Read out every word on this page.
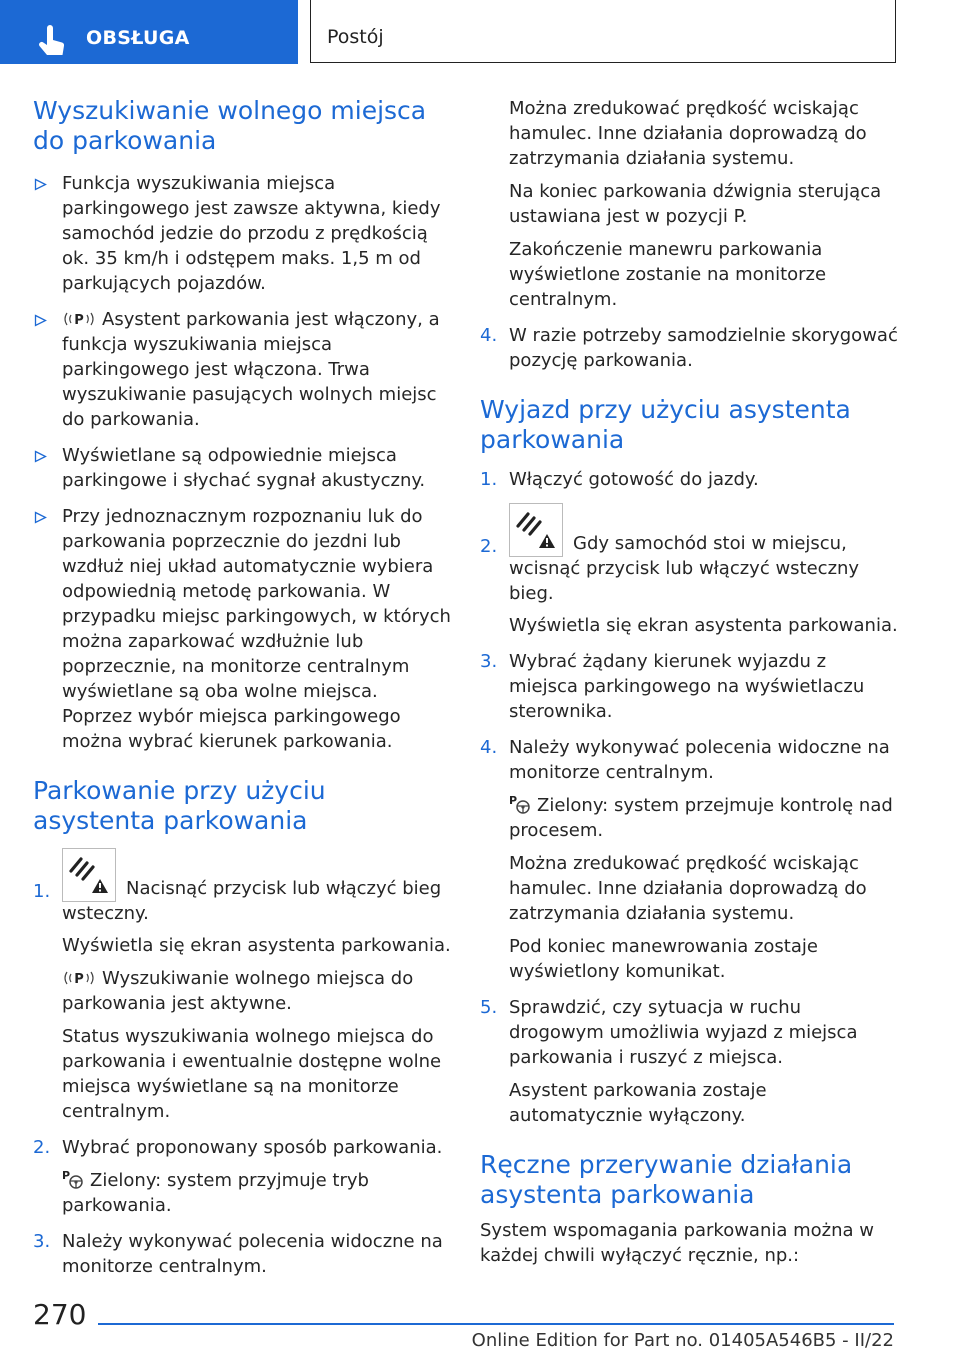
OBSŁUGA	Postój
Wyszukiwanie wolnego miejsca do parkowania
Funkcja wyszukiwania miejsca parkingowego jest zawsze aktywna, kiedy samochód jedzie do przodu z prędkością ok. 35 km/h i odstępem maks. 1,5 m od parkujących pojazdów.
P Asystent parkowania jest włączony, a funkcja wyszukiwania miejsca parkingowego jest włączona. Trwa wyszukiwanie pasujących wolnych miejsc do parkowania.
Wyświetlane są odpowiednie miejsca parkingowe i słychać sygnał akustyczny.
Przy jednoznacznym rozpoznaniu luk do parkowania poprzecznie do jezdni lub wzdłuż niej układ automatycznie wybiera odpowiednią metodę parkowania. W przypadku miejsc parkingowych, w których można zaparkować wzdłużnie lub poprzecznie, na monitorze centralnym wyświetlane są oba wolne miejsca. Poprzez wybór miejsca parkingowego można wybrać kierunek parkowania.
Parkowanie przy użyciu asystenta parkowania
1.	Nacisnąć przycisk lub włączyć bieg wsteczny.
Wyświetla się ekran asystenta parkowania.
P Wyszukiwanie wolnego miejsca do parkowania jest aktywne.
Status wyszukiwania wolnego miejsca do parkowania i ewentualnie dostępne wolne miejsca wyświetlane są na monitorze centralnym.
2. Wybrać proponowany sposób parkowania.
P Zielony: system przyjmuje tryb parkowania.
3. Należy wykonywać polecenia widoczne na monitorze centralnym.
Można zredukować prędkość wciskając hamulec. Inne działania doprowadzą do zatrzymania działania systemu.
Na koniec parkowania dźwignia sterująca ustawiana jest w pozycji P.
Zakończenie manewru parkowania wyświetlone zostanie na monitorze centralnym.
4. W razie potrzeby samodzielnie skorygować pozycję parkowania.
Wyjazd przy użyciu asystenta parkowania
1. Włączyć gotowość do jazdy.
2.	Gdy samochód stoi w miejscu, wcisnąć przycisk lub włączyć wsteczny bieg.
Wyświetla się ekran asystenta parkowania.
3. Wybrać żądany kierunek wyjazdu z miejsca parkingowego na wyświetlaczu sterownika.
4. Należy wykonywać polecenia widoczne na monitorze centralnym.
P Zielony: system przejmuje kontrolę nad procesem.
Można zredukować prędkość wciskając hamulec. Inne działania doprowadzą do zatrzymania działania systemu.
Pod koniec manewrowania zostaje wyświetlony komunikat.
5. Sprawdzić, czy sytuacja w ruchu drogowym umożliwia wyjazd z miejsca parkowania i ruszyć z miejsca.
Asystent parkowania zostaje automatycznie wyłączony.
Ręczne przerywanie działania asystenta parkowania
System wspomagania parkowania można w każdej chwili wyłączyć ręcznie, np.:
270
Online Edition for Part no. 01405A546B5 - II/22
